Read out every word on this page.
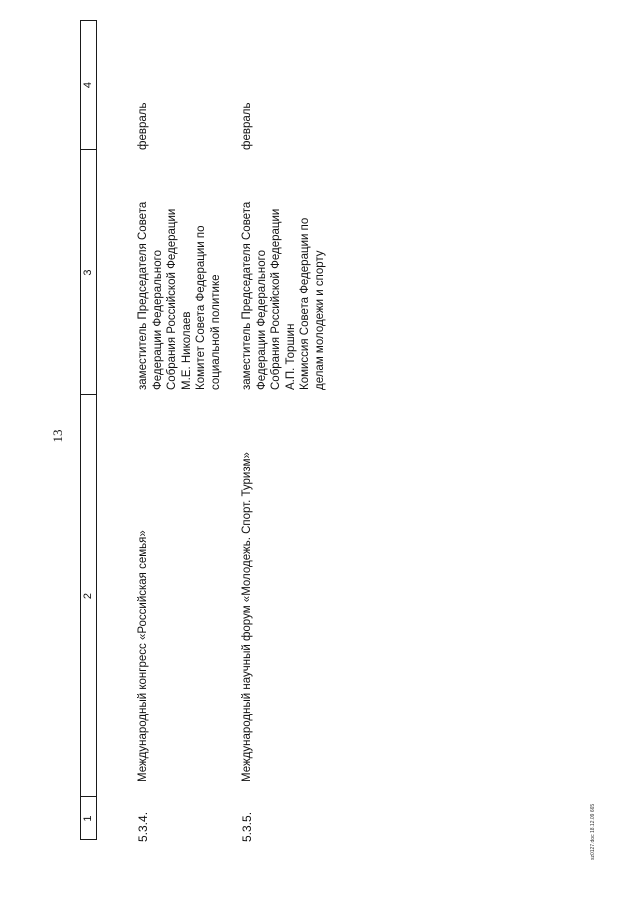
1
2
3
4
13
5.3.4.
Международный конгресс «Российская семья»
заместитель Председателя Совета Федерации Федерального Собрания Российской Федерации М.Е. Николаев Комитет Совета Федерации по социальной политике
февраль
5.3.5.
Международный научный форум «Молодежь. Спорт. Туризм»
заместитель Председателя Совета Федерации Федерального Собрания Российской Федерации А.П. Торшин Комиссия Совета Федерации по делам молодежи и спорту
февраль
sz0127.doc 18.12.09 665
